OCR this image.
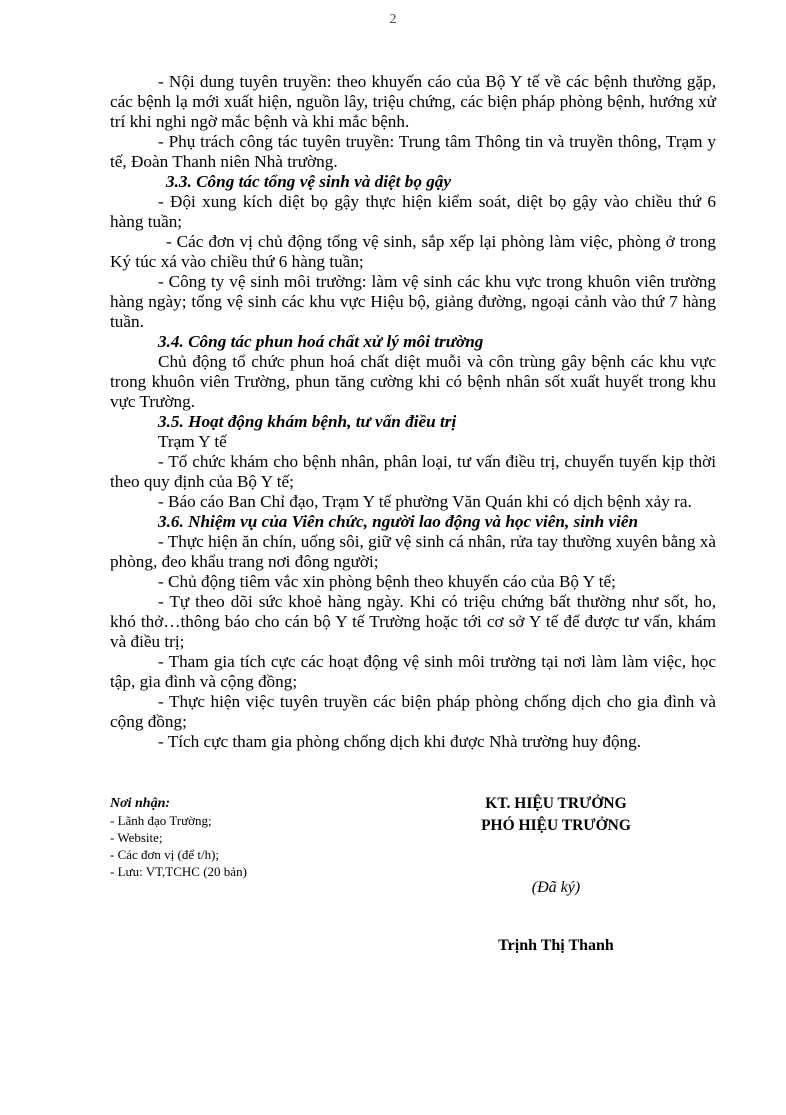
2

- Nội dung tuyên truyền: theo khuyến cáo của Bộ Y tế về các bệnh thường gặp, các bệnh lạ mới xuất hiện, nguồn lây, triệu chứng, các biện pháp phòng bệnh, hướng xử trí khi nghi ngờ mắc bệnh và khi mắc bệnh.

- Phụ trách công tác tuyên truyền: Trung tâm Thông tin và truyền thông, Trạm y tế, Đoàn Thanh niên Nhà trường.

3.3. Công tác tổng vệ sinh và diệt bọ gậy

- Đội xung kích diệt bọ gậy thực hiện kiểm soát, diệt bọ gậy vào chiều thứ 6 hàng tuần;

- Các đơn vị chủ động tổng vệ sinh, sắp xếp lại phòng làm việc, phòng ở trong Ký túc xá vào chiều thứ 6 hàng tuần;

- Công ty vệ sinh môi trường: làm vệ sinh các khu vực trong khuôn viên trường hàng ngày; tổng vệ sinh các khu vực Hiệu bộ, giảng đường, ngoại cảnh vào thứ 7 hàng tuần.

3.4. Công tác phun hoá chất xử lý môi trường

Chủ động tổ chức phun hoá chất diệt muỗi và côn trùng gây bệnh các khu vực trong khuôn viên Trường, phun tăng cường khi có bệnh nhân sốt xuất huyết trong khu vực Trường.

3.5. Hoạt động khám bệnh, tư vấn điều trị

Trạm Y tế

- Tổ chức khám cho bệnh nhân, phân loại, tư vấn điều trị, chuyển tuyến kịp thời theo quy định của Bộ Y tế;

- Báo cáo Ban Chỉ đạo, Trạm Y tế phường Văn Quán khi có dịch bệnh xảy ra.

3.6. Nhiệm vụ của Viên chức, người lao động và học viên, sinh viên

- Thực hiện ăn chín, uống sôi, giữ vệ sinh cá nhân, rửa tay thường xuyên bằng xà phòng, đeo khẩu trang nơi đông người;

- Chủ động tiêm vắc xin phòng bệnh theo khuyến cáo của Bộ Y tế;

- Tự theo dõi sức khoẻ hàng ngày. Khi có triệu chứng bất thường như sốt, ho, khó thở…thông báo cho cán bộ Y tế Trường hoặc tới cơ sở Y tế để được tư vấn, khám và điều trị;

- Tham gia tích cực các hoạt động vệ sinh môi trường tại nơi làm làm việc, học tập, gia đình và cộng đồng;

- Thực hiện việc tuyên truyền các biện pháp phòng chống dịch cho gia đình và cộng đồng;

- Tích cực tham gia phòng chống dịch khi được Nhà trường huy động.

Nơi nhận:
- Lãnh đạo Trường;
- Website;
- Các đơn vị (để t/h);
- Lưu: VT,TCHC (20 bản)
KT. HIỆU TRƯỞNG
PHÓ HIỆU TRƯỞNG
(Đã ký)
Trịnh Thị Thanh
